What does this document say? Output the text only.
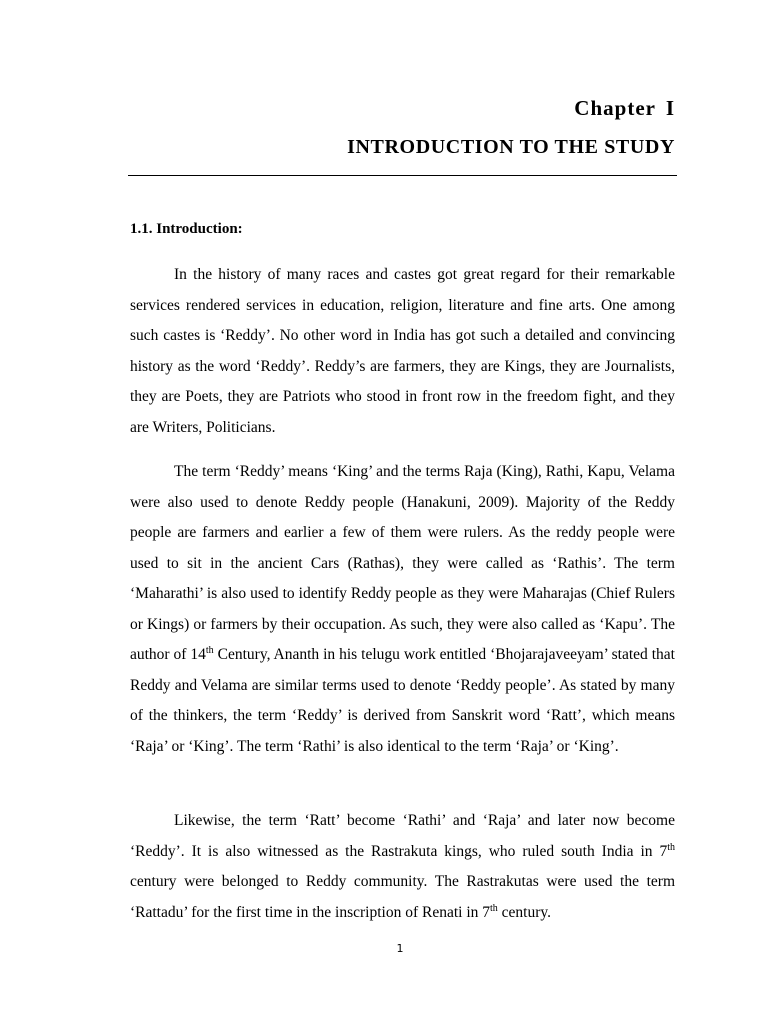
Chapter I
INTRODUCTION TO THE STUDY
1.1. Introduction:

In the history of many races and castes got great regard for their remarkable services rendered services in education, religion, literature and fine arts. One among such castes is ‘Reddy’. No other word in India has got such a detailed and convincing history as the word ‘Reddy’. Reddy’s are farmers, they are Kings, they are Journalists, they are Poets, they are Patriots who stood in front row in the freedom fight, and they are Writers, Politicians.

The term ‘Reddy’ means ‘King’ and the terms Raja (King), Rathi, Kapu, Velama were also used to denote Reddy people (Hanakuni, 2009). Majority of the Reddy people are farmers and earlier a few of them were rulers. As the reddy people were used to sit in the ancient Cars (Rathas), they were called as ‘Rathis’. The term ‘Maharathi’ is also used to identify Reddy people as they were Maharajas (Chief Rulers or Kings) or farmers by their occupation. As such, they were also called as ‘Kapu’. The author of 14th Century, Ananth in his telugu work entitled ‘Bhojarajaveeyam’ stated that Reddy and Velama are similar terms used to denote ‘Reddy people’. As stated by many of the thinkers, the term ‘Reddy’ is derived from Sanskrit word ‘Ratt’, which means ‘Raja’ or ‘King’. The term ‘Rathi’ is also identical to the term ‘Raja’ or ‘King’.

Likewise, the term ‘Ratt’ become ‘Rathi’ and ‘Raja’ and later now become ‘Reddy’. It is also witnessed as the Rastrakuta kings, who ruled south India in 7th century were belonged to Reddy community. The Rastrakutas were used the term ‘Rattadu’ for the first time in the inscription of Renati in 7th century.

1
